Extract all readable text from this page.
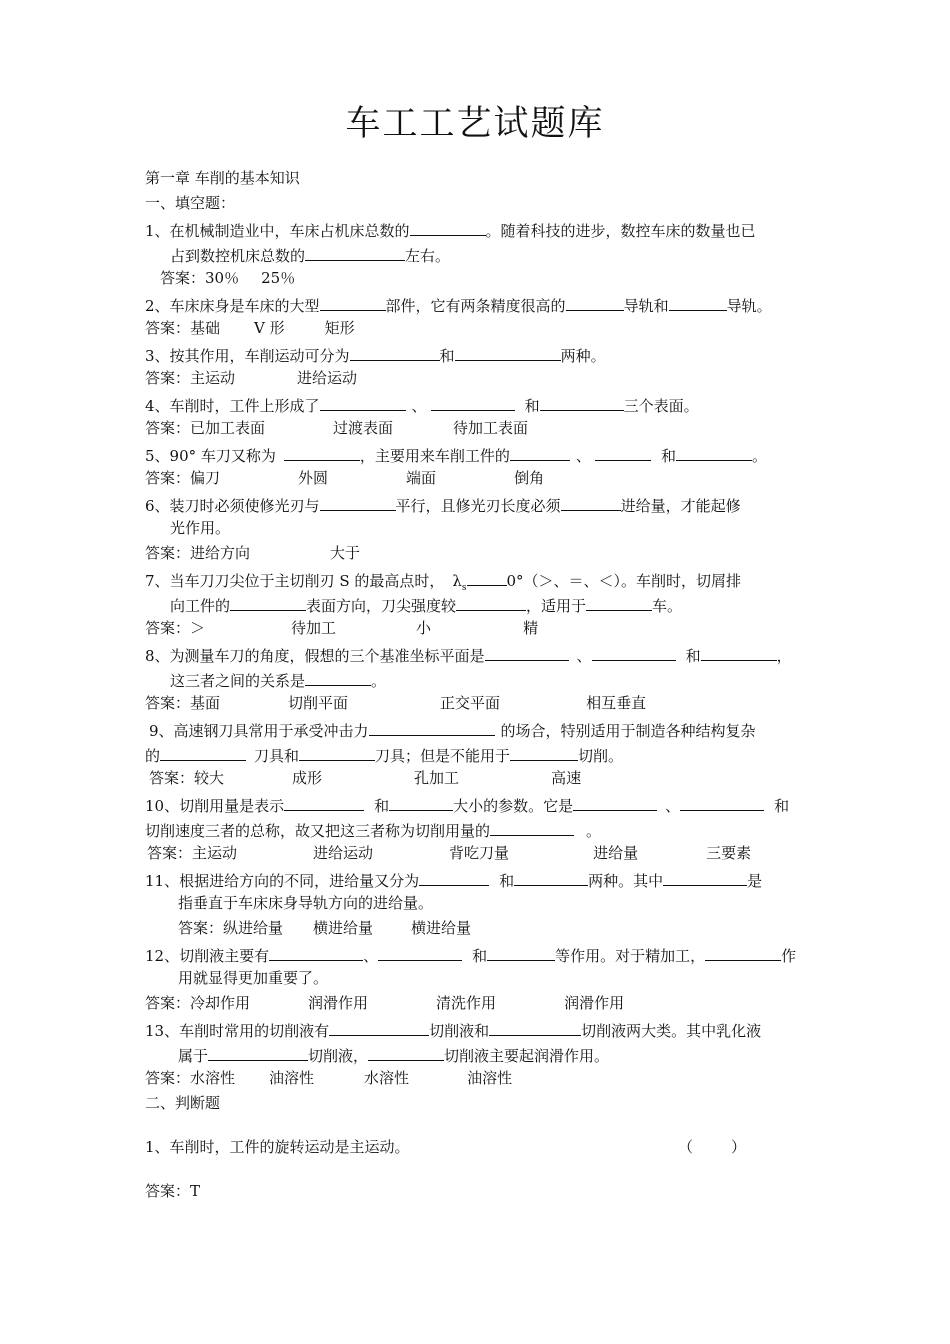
车工工艺试题库
第一章 车削的基本知识
一、填空题：
1、在机械制造业中，车床占机床总数的	。随着科技的进步，数控车床的数量也已
占到数控机床总数的	左右。
答案：30％ 25％
2、车床床身是车床的大型	部件，它有两条精度很高的	导轨和	导轨。
答案：基础 V 形	矩形
3、按其作用，车削运动可分为	和	两种。
答案：主运动	进给运动
4、车削时，工件上形成了	、	和	三个表面。
答案：已加工表面	过渡表面	待加工表面
5、90° 车刀又称为	，主要用来车削工件的	、	和	。
答案：偏刀	外圆	端面	倒角
6、装刀时必须使修光刃与	平行，且修光刃长度必须	进给量，才能起修
光作用。
答案：进给方向	大于
7、当车刀刀尖位于主切削刃 S 的最高点时， λs	0°（＞、＝、＜）。车削时，切屑排
向工件的	表面方向，刀尖强度较	，适用于	车。
答案：＞	待加工	小	精
8、为测量车刀的角度，假想的三个基准坐标平面是	、	和	，
这三者之间的关系是	。
答案：基面	切削平面	正交平面	相互垂直
9、高速钢刀具常用于承受冲击力	的场合，特别适用于制造各种结构复杂
的	刀具和	刀具；但是不能用于	切削。
答案：较大	成形	孔加工	高速
10、切削用量是表示	和	大小的参数。它是	、	和
切削速度三者的总称，故又把这三者称为切削用量的	。
答案：主运动	进给运动	背吃刀量	进给量	三要素
11、根据进给方向的不同，进给量又分为	和	两种。其中	是
指垂直于车床床身导轨方向的进给量。
答案：纵进给量 横进给量	横进给量
12、切削液主要有	、	和	等作用。对于精加工，	作
用就显得更加重要了。
答案：冷却作用	润滑作用	清洗作用	润滑作用
13、车削时常用的切削液有	切削液和	切削液两大类。其中乳化液
属于	切削液，	切削液主要起润滑作用。
答案：水溶性 油溶性	水溶性	油溶性
二、判断题
1、车削时，工件的旋转运动是主运动。	（	）
答案：T
